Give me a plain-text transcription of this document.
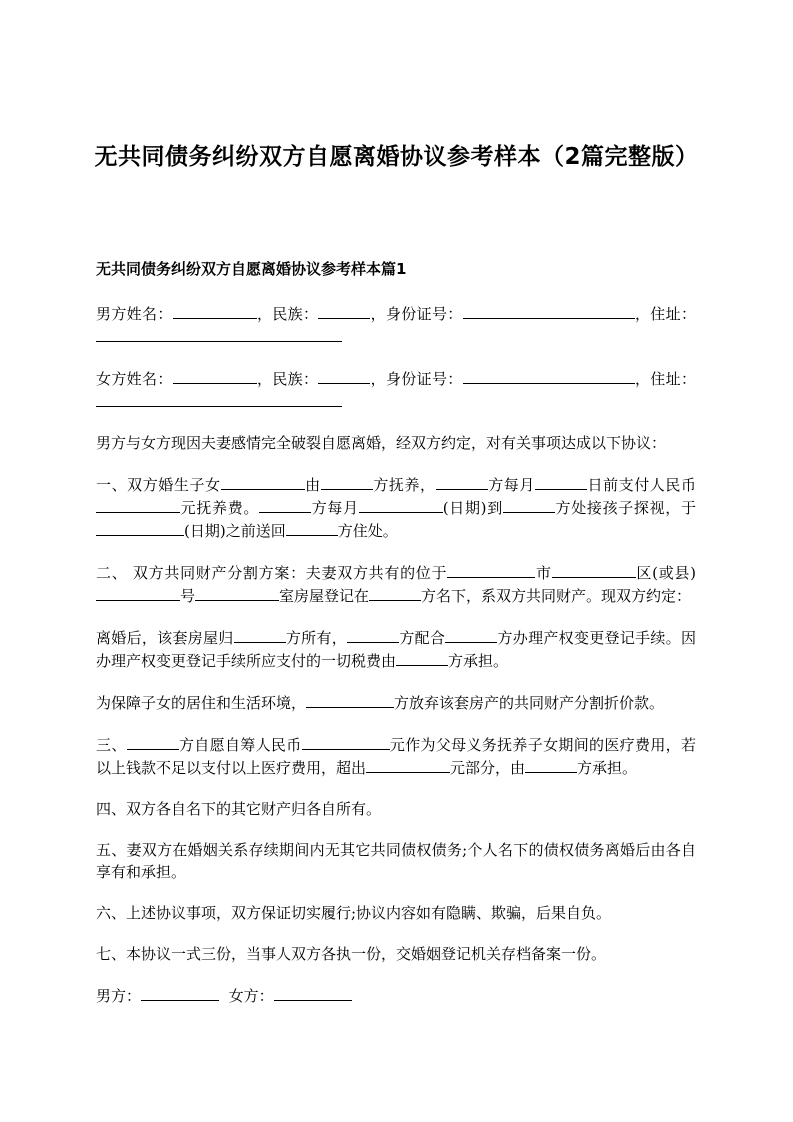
无共同债务纠纷双方自愿离婚协议参考样本（2篇完整版）
无共同债务纠纷双方自愿离婚协议参考样本篇1

男方姓名：	，民族：	，身份证号：	，住址：

女方姓名：	，民族：	，身份证号：	，住址：

男方与女方现因夫妻感情完全破裂自愿离婚，经双方约定，对有关事项达成以下协议：

一、双方婚生子女	由	方抚养，	方每月	日前支付人民币元抚养费。	方每月	(日期)到	方处接孩子探视，于(日期)之前送回	方住处。

二、 双方共同财产分割方案：夫妻双方共有的位于	市	区(或县)号	室房屋登记在	方名下，系双方共同财产。现双方约定：

离婚后，该套房屋归	方所有，	方配合	方办理产权变更登记手续。因办理产权变更登记手续所应支付的一切税费由	方承担。

为保障子女的居住和生活环境，	方放弃该套房产的共同财产分割折价款。

三、	方自愿自筹人民币	元作为父母义务抚养子女期间的医疗费用，若以上钱款不足以支付以上医疗费用，超出	元部分，由	方承担。

四、双方各自名下的其它财产归各自所有。

五、妻双方在婚姻关系存续期间内无其它共同债权债务;个人名下的债权债务离婚后由各自享有和承担。

六、上述协议事项，双方保证切实履行;协议内容如有隐瞒、欺骗，后果自负。

七、本协议一式三份，当事人双方各执一份，交婚姻登记机关存档备案一份。

男方：	女方：
